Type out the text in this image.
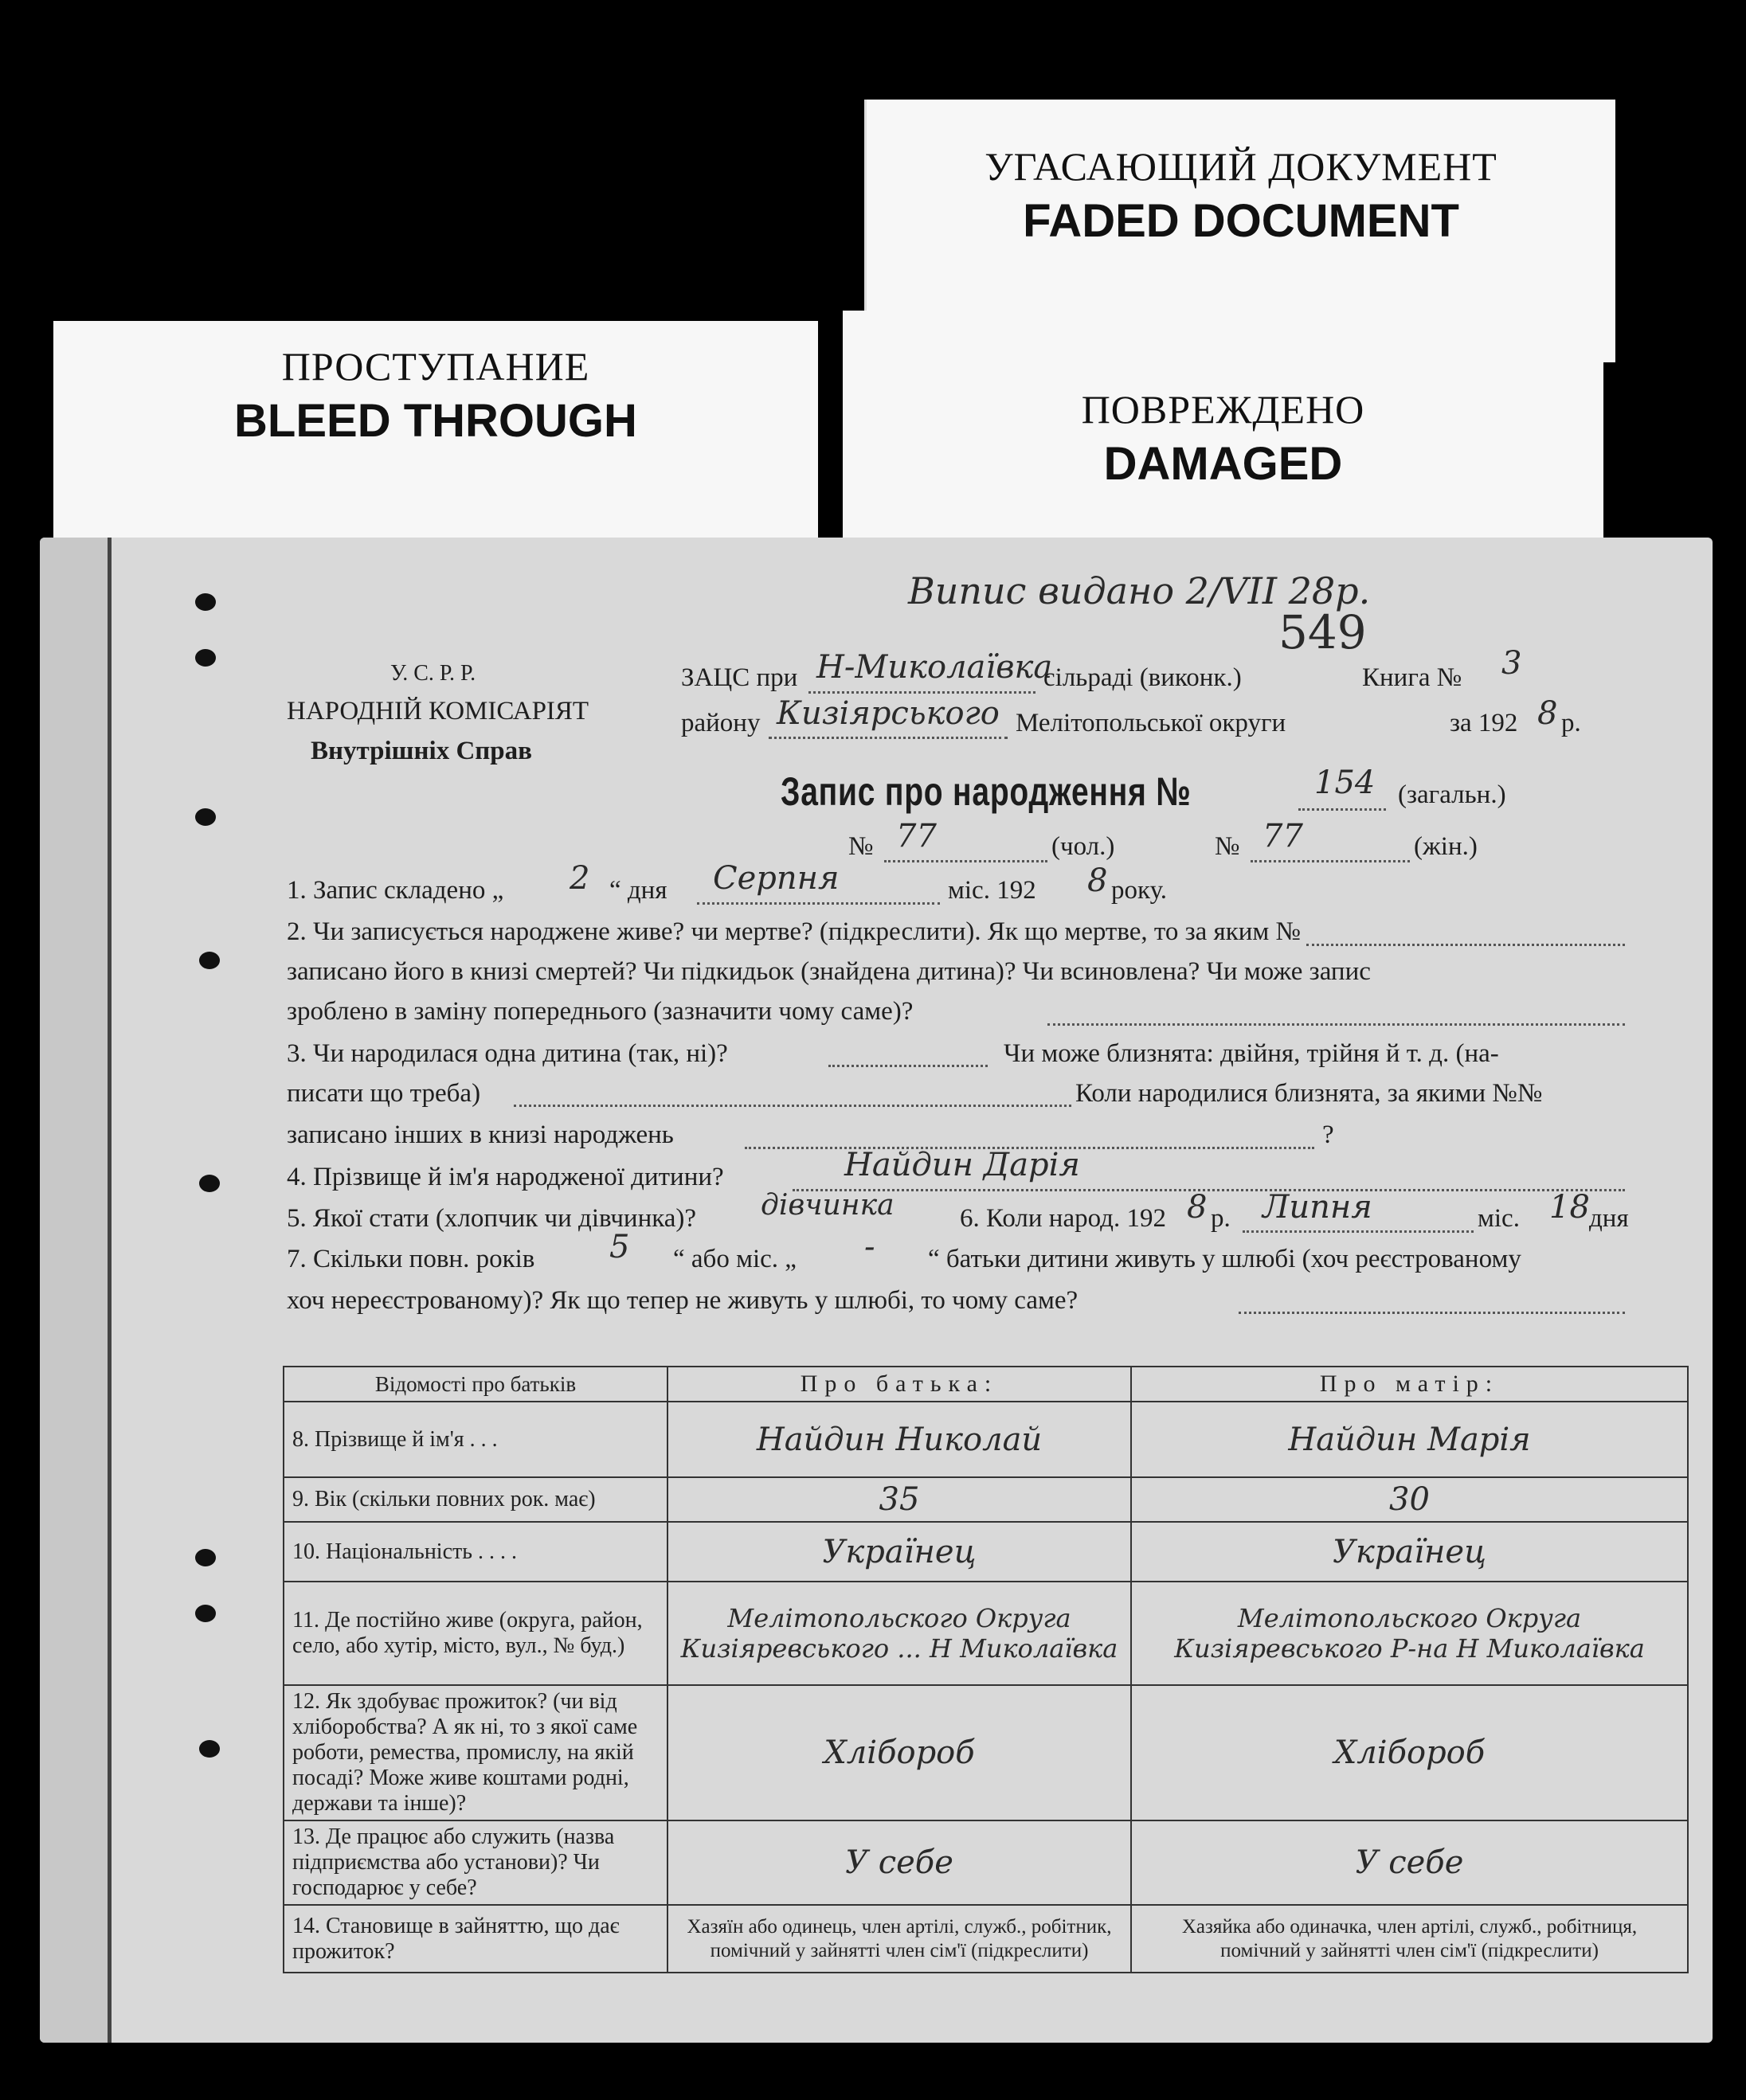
УГАСАЮЩИЙ ДОКУМЕНТ
FADED DOCUMENT
ПОВРЕЖДЕНО
DAMAGED
ПРОСТУПАНИЕ
BLEED THROUGH
Випис видано 2/VII 28р.
549
У. С. Р. Р.
НАРОДНІЙ КОМІСАРІЯТ
Внутрішніх Справ
ЗАЦС при Н-Миколаївка
сільраді (виконк.)	Книга № 3
району Кизіярського Мелітопольської округи	за 192 8 р.
Запис про народження №	154 (загальн.)
№ 77	(чол.)	№ 77	(жін.)
1. Запис складено „ 2 “ дня Серпня	міс. 192 8 року.
2. Чи записується народжене живе? чи мертве? (підкреслити). Як що мертве, то за яким №
записано його в книзі смертей? Чи підкидьок (знайдена дитина)? Чи всиновлена? Чи може запис
зроблено в заміну попереднього (зазначити чому саме)?
3. Чи народилася одна дитина (так, ні)?	Чи може близнята: двійня, трійня й т. д. (на-
писати що треба)	Коли народилися близнята, за якими №№
записано інших в книзі народжень	?
4. Прізвище й ім'я народженої дитини?	Найдин Дарія
5. Якої стати (хлопчик чи дівчинка)? дівчинка 6. Коли народ. 192 8 р. Липня	міс. 18 дня
7. Скільки повн. років 5 “ або міс. „ - “ батьки дитини живуть у шлюбі (хоч реєстрованому
хоч нереєстрованому)? Як що тепер не живуть у шлюбі, то чому саме?
Відомості про батьків	Про батька:	Про матір:
8. Прізвище й ім'я . . .	Найдин Николай	Найдин Марія
9. Вік (скільки повних рок. має)	35	30
10. Національність . . . .	Українец	Українец
11. Де постійно живе (округа, район, село, або хутір, місто, вул., № буд.)	Мелітопольского Округа Кизіяревського ... Н Миколаївка	Мелітопольского Округа Кизіяревського Р-на Н Миколаївка
12. Як здобуває прожиток? (чи від хліборобства? А як ні, то з якої саме роботи, ремества, промислу, на якій посаді? Може живе коштами родні, держави та інше)?	Хлібороб	Хлібороб
13. Де працює або служить (назва підприємства або установи)? Чи господарює у себе?	У себе	У себе
14. Становище в зайняттю, що дає прожиток?	Хазяїн або одинець, член артілі, служб., робітник, помічний у зайнятті член сім'ї (підкреслити)	Хазяйка або одиначка, член артілі, служб., робітниця, помічний у зайнятті член сім'ї (підкреслити)
